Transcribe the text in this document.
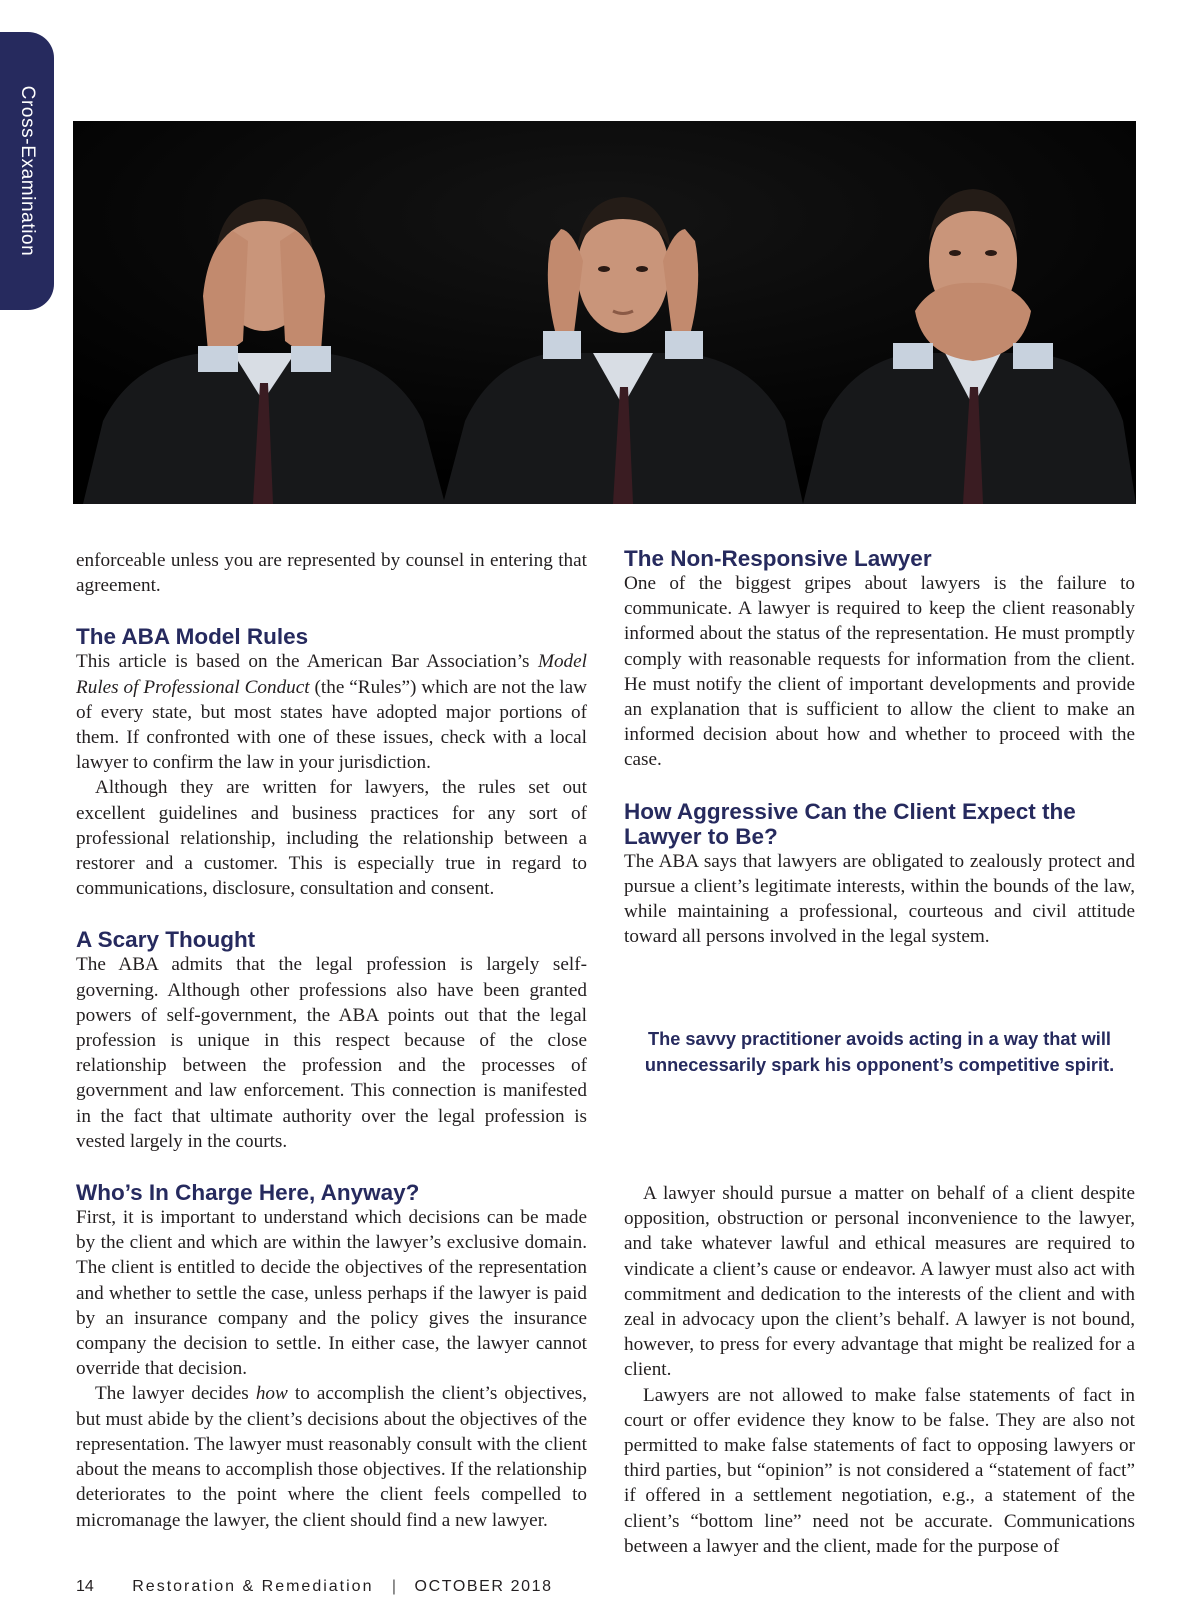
Cross-Examination

enforceable unless you are represented by counsel in entering that agreement.

The ABA Model Rules

This article is based on the American Bar Association’s Model Rules of Professional Conduct (the “Rules”) which are not the law of every state, but most states have adopted major portions of them. If confronted with one of these issues, check with a local lawyer to confirm the law in your jurisdiction.

Although they are written for lawyers, the rules set out excellent guidelines and business practices for any sort of professional relationship, including the relationship between a restorer and a customer. This is especially true in regard to communications, disclosure, consultation and consent.

A Scary Thought

The ABA admits that the legal profession is largely self-governing. Although other professions also have been granted powers of self-government, the ABA points out that the legal profession is unique in this respect because of the close relationship between the profession and the processes of government and law enforcement. This connection is manifested in the fact that ultimate authority over the legal profession is vested largely in the courts.

Who’s In Charge Here, Anyway?

First, it is important to understand which decisions can be made by the client and which are within the lawyer’s exclusive domain. The client is entitled to decide the objectives of the representation and whether to settle the case, unless perhaps if the lawyer is paid by an insurance company and the policy gives the insurance company the decision to settle. In either case, the lawyer cannot override that decision.

The lawyer decides how to accomplish the client’s objectives, but must abide by the client’s decisions about the objectives of the representation. The lawyer must reasonably consult with the client about the means to accomplish those objectives. If the relationship deteriorates to the point where the client feels compelled to micromanage the lawyer, the client should find a new lawyer.

The Non-Responsive Lawyer

One of the biggest gripes about lawyers is the failure to communicate. A lawyer is required to keep the client reasonably informed about the status of the representation. He must promptly comply with reasonable requests for information from the client. He must notify the client of important developments and provide an explanation that is sufficient to allow the client to make an informed decision about how and whether to proceed with the case.

How Aggressive Can the Client Expect the Lawyer to Be?

The ABA says that lawyers are obligated to zealously protect and pursue a client’s legitimate interests, within the bounds of the law, while maintaining a professional, courteous and civil attitude toward all persons involved in the legal system.

The savvy practitioner avoids acting in a way that will unnecessarily spark his opponent’s competitive spirit.

A lawyer should pursue a matter on behalf of a client despite opposition, obstruction or personal inconvenience to the lawyer, and take whatever lawful and ethical measures are required to vindicate a client’s cause or endeavor. A lawyer must also act with commitment and dedication to the interests of the client and with zeal in advocacy upon the client’s behalf. A lawyer is not bound, however, to press for every advantage that might be realized for a client.

Lawyers are not allowed to make false statements of fact in court or offer evidence they know to be false. They are also not permitted to make false statements of fact to opposing lawyers or third parties, but “opinion” is not considered a “statement of fact” if offered in a settlement negotiation, e.g., a statement of the client’s “bottom line” need not be accurate. Communications between a lawyer and the client, made for the purpose of

14 Restoration & Remediation | OCTOBER 2018
